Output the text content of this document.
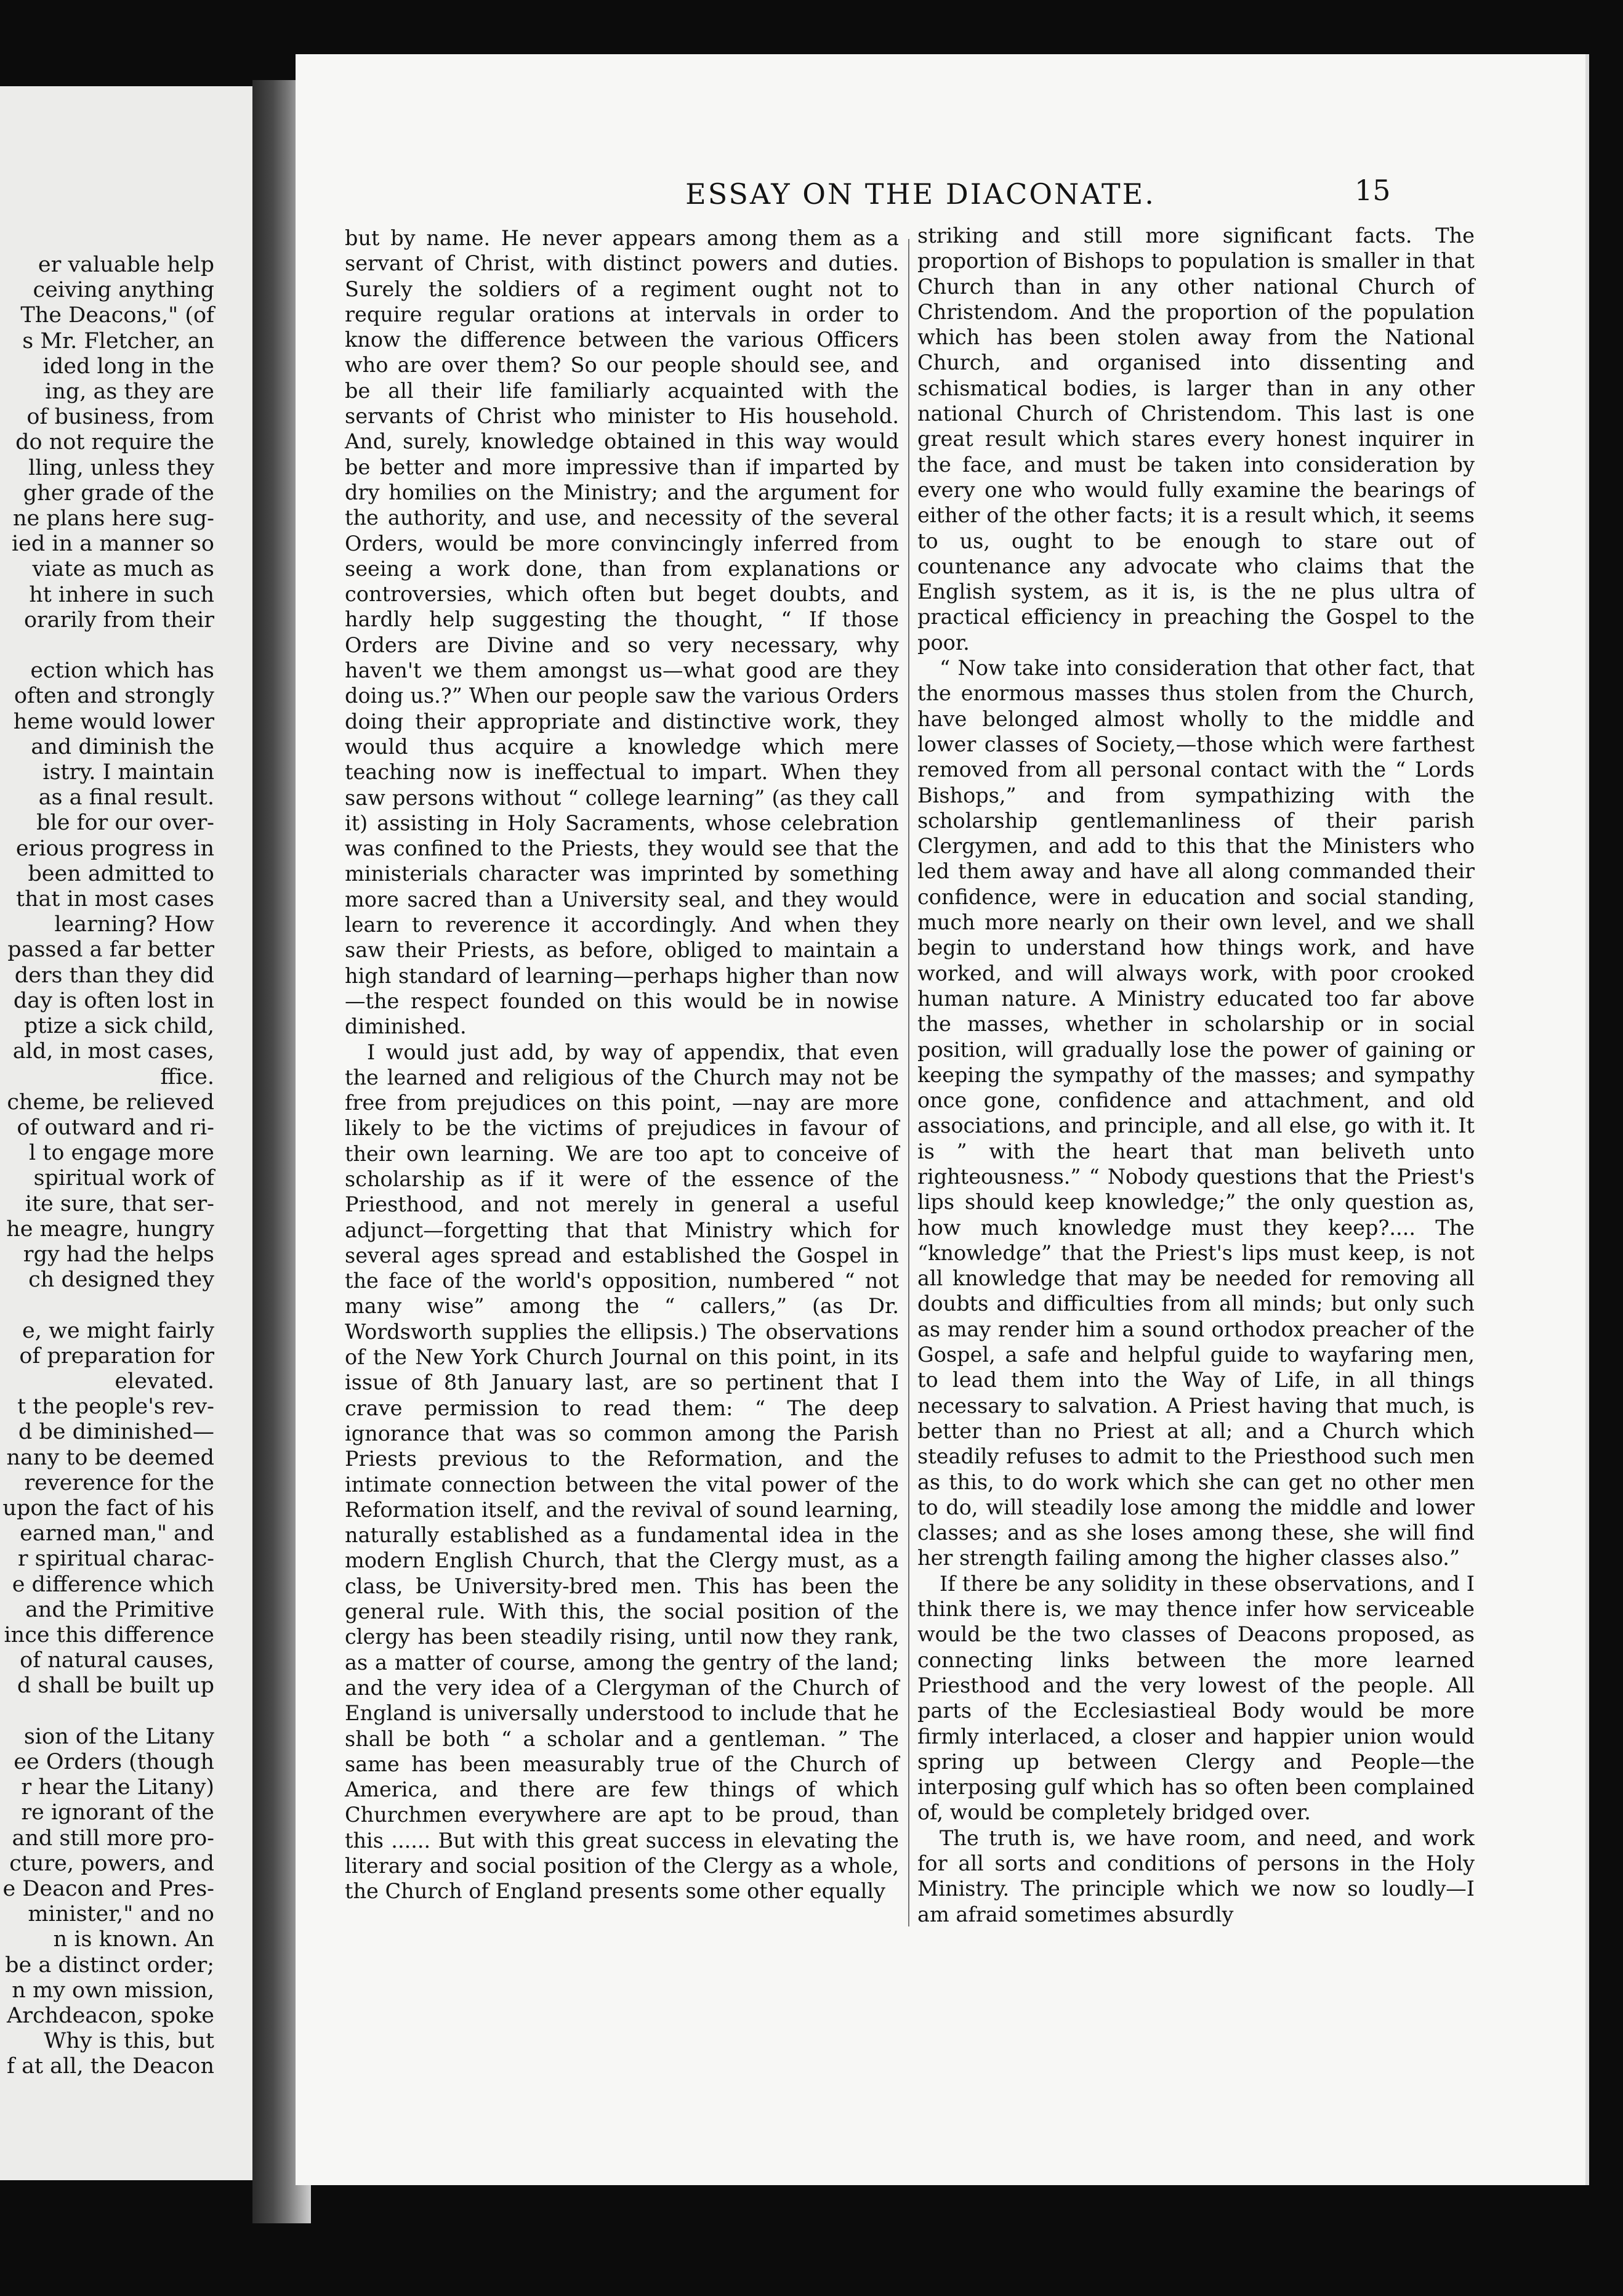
er valuable help
ceiving anything
The Deacons," (of
s Mr. Fletcher, an
ided long in the
ing, as they are
of business, from
do not require the
lling, unless they
gher grade of the
ne plans here sug-
ied in a manner so
viate as much as
ht inhere in such
orarily from their

ection which has
often and strongly
heme would lower
and diminish the
istry. I maintain
as a final result.
ble for our over-
erious progress in
been admitted to
that in most cases
learning? How
passed a far better
ders than they did
day is often lost in
ptize a sick child,
ald, in most cases,
ffice.
cheme, be relieved
of outward and ri-
l to engage more
spiritual work of
ite sure, that ser-
he meagre, hungry
rgy had the helps
ch designed they

e, we might fairly
of preparation for
elevated.
t the people's rev-
d be diminished—
nany to be deemed
reverence for the
upon the fact of his
earned man," and
r spiritual charac-
e difference which
and the Primitive
ince this difference
of natural causes,
d shall be built up

sion of the Litany
ee Orders (though
r hear the Litany)
re ignorant of the
and still more pro-
cture, powers, and
e Deacon and Pres-
minister," and no
n is known. An
be a distinct order;
n my own mission,
Archdeacon, spoke
Why is this, but
f at all, the Deacon
ESSAY ON THE DIACONATE.	15

but by name. He never appears among them as a servant of Christ, with distinct powers and duties. Surely the soldiers of a regiment ought not to require regular orations at intervals in order to know the difference between the various Officers who are over them? So our people should see, and be all their life familiarly acquainted with the servants of Christ who minister to His household. And, surely, knowledge obtained in this way would be better and more impressive than if imparted by dry homilies on the Ministry; and the argument for the authority, and use, and necessity of the several Orders, would be more convincingly inferred from seeing a work done, than from explanations or controversies, which often but beget doubts, and hardly help suggesting the thought, “ If those Orders are Divine and so very necessary, why haven't we them amongst us—what good are they doing us.?” When our people saw the various Orders doing their appropriate and distinctive work, they would thus acquire a knowledge which mere teaching now is ineffectual to impart. When they saw persons without “ college learning” (as they call it) assisting in Holy Sacraments, whose celebration was confined to the Priests, they would see that the ministerials character was imprinted by something more sacred than a University seal, and they would learn to reverence it accordingly. And when they saw their Priests, as before, obliged to maintain a high standard of learning—perhaps higher than now—the respect founded on this would be in nowise diminished.

I would just add, by way of appendix, that even the learned and religious of the Church may not be free from prejudices on this point, —nay are more likely to be the victims of prejudices in favour of their own learning. We are too apt to conceive of scholarship as if it were of the essence of the Priesthood, and not merely in general a useful adjunct—forgetting that that Ministry which for several ages spread and established the Gospel in the face of the world's opposition, numbered “ not many wise” among the “ callers,” (as Dr. Wordsworth supplies the ellipsis.) The observations of the New York Church Journal on this point, in its issue of 8th January last, are so pertinent that I crave permission to read them: “ The deep ignorance that was so common among the Parish Priests previous to the Reformation, and the intimate connection between the vital power of the Reformation itself, and the revival of sound learning, naturally established as a fundamental idea in the modern English Church, that the Clergy must, as a class, be University-bred men. This has been the general rule. With this, the social position of the clergy has been steadily rising, until now they rank, as a matter of course, among the gentry of the land; and the very idea of a Clergyman of the Church of England is universally understood to include that he shall be both “ a scholar and a gentleman. ” The same has been measurably true of the Church of America, and there are few things of which Churchmen everywhere are apt to be proud, than this ...... But with this great success in elevating the literary and social position of the Clergy as a whole, the Church of England presents some other equally

striking and still more significant facts. The proportion of Bishops to population is smaller in that Church than in any other national Church of Christendom. And the proportion of the population which has been stolen away from the National Church, and organised into dissenting and schismatical bodies, is larger than in any other national Church of Christendom. This last is one great result which stares every honest inquirer in the face, and must be taken into consideration by every one who would fully examine the bearings of either of the other facts; it is a result which, it seems to us, ought to be enough to stare out of countenance any advocate who claims that the English system, as it is, is the ne plus ultra of practical efficiency in preaching the Gospel to the poor.

“ Now take into consideration that other fact, that the enormous masses thus stolen from the Church, have belonged almost wholly to the middle and lower classes of Society,—those which were farthest removed from all personal contact with the “ Lords Bishops,” and from sympathizing with the scholarship gentlemanliness of their parish Clergymen, and add to this that the Ministers who led them away and have all along commanded their confidence, were in education and social standing, much more nearly on their own level, and we shall begin to understand how things work, and have worked, and will always work, with poor crooked human nature. A Ministry educated too far above the masses, whether in scholarship or in social position, will gradually lose the power of gaining or keeping the sympathy of the masses; and sympathy once gone, confidence and attachment, and old associations, and principle, and all else, go with it. It is ” with the heart that man beliveth unto righteousness.” “ Nobody questions that the Priest's lips should keep knowledge;” the only question as, how much knowledge must they keep?.... The “knowledge” that the Priest's lips must keep, is not all knowledge that may be needed for removing all doubts and difficulties from all minds; but only such as may render him a sound orthodox preacher of the Gospel, a safe and helpful guide to wayfaring men, to lead them into the Way of Life, in all things necessary to salvation. A Priest having that much, is better than no Priest at all; and a Church which steadily refuses to admit to the Priesthood such men as this, to do work which she can get no other men to do, will steadily lose among the middle and lower classes; and as she loses among these, she will find her strength failing among the higher classes also.”

If there be any solidity in these observations, and I think there is, we may thence infer how serviceable would be the two classes of Deacons proposed, as connecting links between the more learned Priesthood and the very lowest of the people. All parts of the Ecclesiastieal Body would be more firmly interlaced, a closer and happier union would spring up between Clergy and People—the interposing gulf which has so often been complained of, would be completely bridged over.

The truth is, we have room, and need, and work for all sorts and conditions of persons in the Holy Ministry. The principle which we now so loudly—I am afraid sometimes absurdly
